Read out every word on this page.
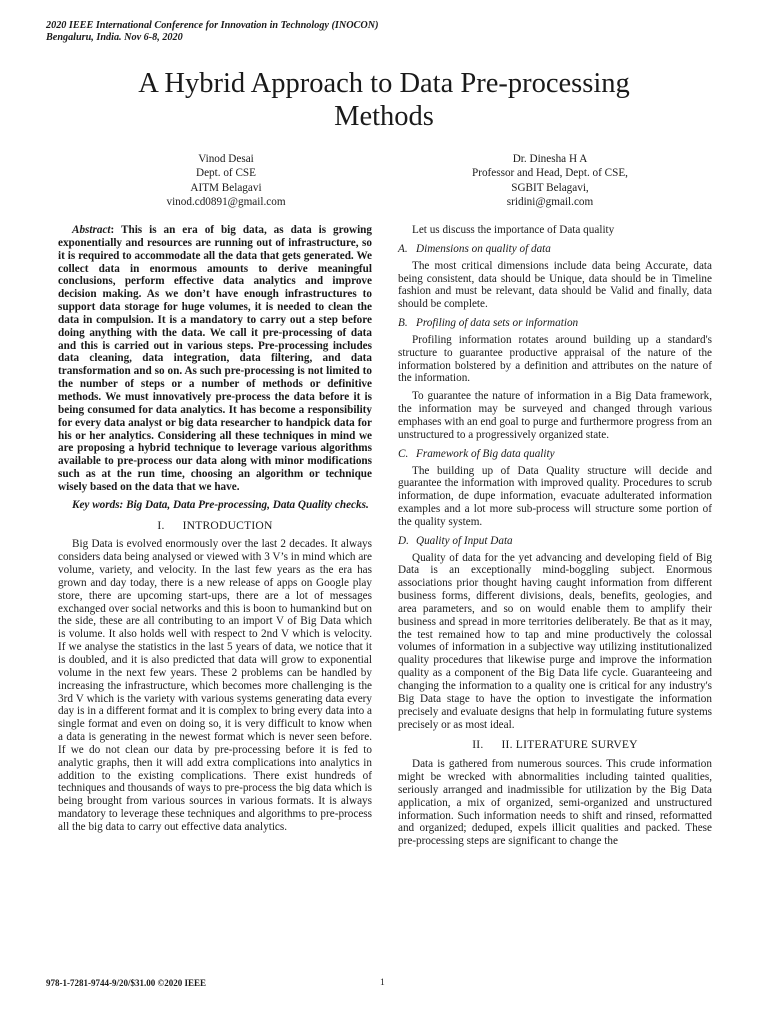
2020 IEEE International Conference for Innovation in Technology (INOCON)
Bengaluru, India. Nov 6-8, 2020
A Hybrid Approach to Data Pre-processing
Methods
Vinod Desai
Dept. of CSE
AITM Belagavi
vinod.cd0891@gmail.com
Dr. Dinesha H A
Professor and Head, Dept. of CSE,
SGBIT Belagavi,
sridini@gmail.com

Abstract: This is an era of big data, as data is growing exponentially and resources are running out of infrastructure, so it is required to accommodate all the data that gets generated. We collect data in enormous amounts to derive meaningful conclusions, perform effective data analytics and improve decision making. As we don’t have enough infrastructures to support data storage for huge volumes, it is needed to clean the data in compulsion. It is a mandatory to carry out a step before doing anything with the data. We call it pre-processing of data and this is carried out in various steps. Pre-processing includes data cleaning, data integration, data filtering, and data transformation and so on. As such pre-processing is not limited to the number of steps or a number of methods or definitive methods. We must innovatively pre-process the data before it is being consumed for data analytics. It has become a responsibility for every data analyst or big data researcher to handpick data for his or her analytics. Considering all these techniques in mind we are proposing a hybrid technique to leverage various algorithms available to pre-process our data along with minor modifications such as at the run time, choosing an algorithm or technique wisely based on the data that we have.

Key words: Big Data, Data Pre-processing, Data Quality checks.

I. INTRODUCTION

Big Data is evolved enormously over the last 2 decades. It always considers data being analysed or viewed with 3 V’s in mind which are volume, variety, and velocity. In the last few years as the era has grown and day today, there is a new release of apps on Google play store, there are upcoming start-ups, there are a lot of messages exchanged over social networks and this is boon to humankind but on the side, these are all contributing to an import V of Big Data which is volume. It also holds well with respect to 2nd V which is velocity. If we analyse the statistics in the last 5 years of data, we notice that it is doubled, and it is also predicted that data will grow to exponential volume in the next few years. These 2 problems can be handled by increasing the infrastructure, which becomes more challenging is the 3rd V which is the variety with various systems generating data every day is in a different format and it is complex to bring every data into a single format and even on doing so, it is very difficult to know when a data is generating in the newest format which is never seen before. If we do not clean our data by pre-processing before it is fed to analytic graphs, then it will add extra complications into analytics in addition to the existing complications. There exist hundreds of techniques and thousands of ways to pre-process the big data which is being brought from various sources in various formats. It is always mandatory to leverage these techniques and algorithms to pre-process all the big data to carry out effective data analytics.

Let us discuss the importance of Data quality

A. Dimensions on quality of data

The most critical dimensions include data being Accurate, data being consistent, data should be Unique, data should be in Timeline fashion and must be relevant, data should be Valid and finally, data should be complete.

B. Profiling of data sets or information

Profiling information rotates around building up a standard's structure to guarantee productive appraisal of the nature of the information bolstered by a definition and attributes on the nature of the information.

To guarantee the nature of information in a Big Data framework, the information may be surveyed and changed through various emphases with an end goal to purge and furthermore progress from an unstructured to a progressively organized state.

C. Framework of Big data quality

The building up of Data Quality structure will decide and guarantee the information with improved quality. Procedures to scrub information, de dupe information, evacuate adulterated information examples and a lot more sub-process will structure some portion of the quality system.

D. Quality of Input Data

Quality of data for the yet advancing and developing field of Big Data is an exceptionally mind-boggling subject. Enormous associations prior thought having caught information from different business forms, different divisions, deals, benefits, geologies, and area parameters, and so on would enable them to amplify their business and spread in more territories deliberately. Be that as it may, the test remained how to tap and mine productively the colossal volumes of information in a subjective way utilizing institutionalized quality procedures that likewise purge and improve the information quality as a component of the Big Data life cycle. Guaranteeing and changing the information to a quality one is critical for any industry's Big Data stage to have the option to investigate the information precisely and evaluate designs that help in formulating future systems precisely or as most ideal.

II. II. LITERATURE SURVEY

Data is gathered from numerous sources. This crude information might be wrecked with abnormalities including tainted qualities, seriously arranged and inadmissible for utilization by the Big Data application, a mix of organized, semi-organized and unstructured information. Such information needs to shift and rinsed, reformatted and organized; deduped, expels illicit qualities and packed. These pre-processing steps are significant to change the

978-1-7281-9744-9/20/$31.00 ©2020 IEEE	1
